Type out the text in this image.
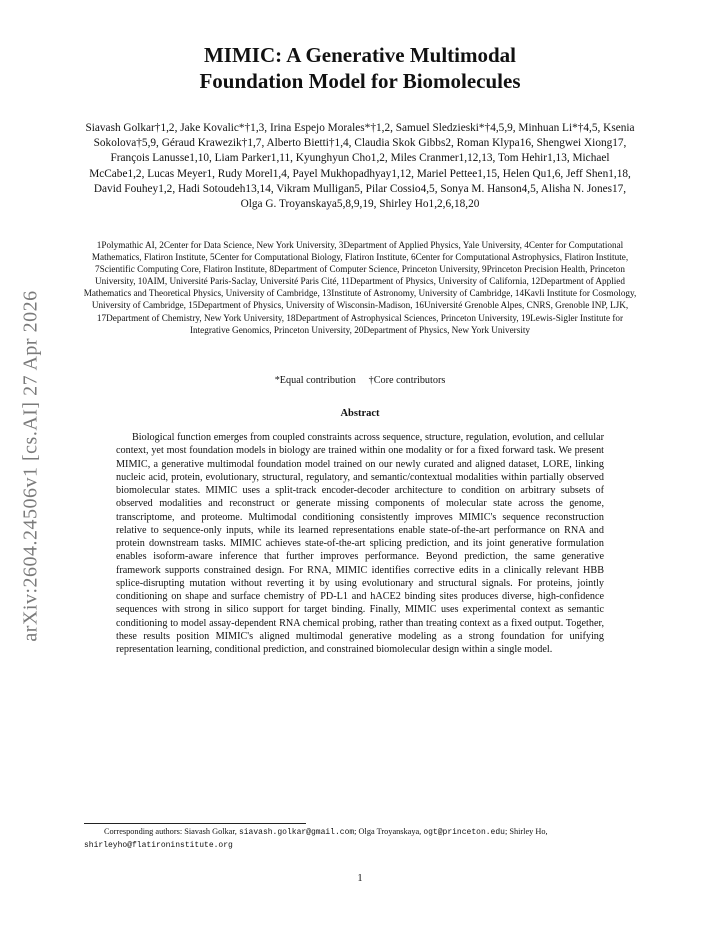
arXiv:2604.24506v1 [cs.AI] 27 Apr 2026
MIMIC: A Generative Multimodal
Foundation Model for Biomolecules
Siavash Golkar†1,2, Jake Kovalic*†1,3, Irina Espejo Morales*†1,2, Samuel Sledzieski*†4,5,9, Minhuan Li*†4,5, Ksenia Sokolova†5,9, Géraud Krawezik†1,7, Alberto Bietti†1,4, Claudia Skok Gibbs2, Roman Klypa16, Shengwei Xiong17, François Lanusse1,10, Liam Parker1,11, Kyunghyun Cho1,2, Miles Cranmer1,12,13, Tom Hehir1,13, Michael McCabe1,2, Lucas Meyer1, Rudy Morel1,4, Payel Mukhopadhyay1,12, Mariel Pettee1,15, Helen Qu1,6, Jeff Shen1,18, David Fouhey1,2, Hadi Sotoudeh13,14, Vikram Mulligan5, Pilar Cossio4,5, Sonya M. Hanson4,5, Alisha N. Jones17, Olga G. Troyanskaya5,8,9,19, Shirley Ho1,2,6,18,20
1Polymathic AI, 2Center for Data Science, New York University, 3Department of Applied Physics, Yale University, 4Center for Computational Mathematics, Flatiron Institute, 5Center for Computational Biology, Flatiron Institute, 6Center for Computational Astrophysics, Flatiron Institute, 7Scientific Computing Core, Flatiron Institute, 8Department of Computer Science, Princeton University, 9Princeton Precision Health, Princeton University, 10AIM, Université Paris-Saclay, Université Paris Cité, 11Department of Physics, University of California, 12Department of Applied Mathematics and Theoretical Physics, University of Cambridge, 13Institute of Astronomy, University of Cambridge, 14Kavli Institute for Cosmology, University of Cambridge, 15Department of Physics, University of Wisconsin-Madison, 16Université Grenoble Alpes, CNRS, Grenoble INP, LJK, 17Department of Chemistry, New York University, 18Department of Astrophysical Sciences, Princeton University, 19Lewis-Sigler Institute for Integrative Genomics, Princeton University, 20Department of Physics, New York University
*Equal contribution †Core contributors
Abstract
Biological function emerges from coupled constraints across sequence, structure, regulation, evolution, and cellular context, yet most foundation models in biology are trained within one modality or for a fixed forward task. We present MIMIC, a generative multimodal foundation model trained on our newly curated and aligned dataset, LORE, linking nucleic acid, protein, evolutionary, structural, regulatory, and semantic/contextual modalities within partially observed biomolecular states. MIMIC uses a split-track encoder-decoder architecture to condition on arbitrary subsets of observed modalities and reconstruct or generate missing components of molecular state across the genome, transcriptome, and proteome. Multimodal conditioning consistently improves MIMIC's sequence reconstruction relative to sequence-only inputs, while its learned representations enable state-of-the-art performance on RNA and protein downstream tasks. MIMIC achieves state-of-the-art splicing prediction, and its joint generative formulation enables isoform-aware inference that further improves performance. Beyond prediction, the same generative framework supports constrained design. For RNA, MIMIC identifies corrective edits in a clinically relevant HBB splice-disrupting mutation without reverting it by using evolutionary and structural signals. For proteins, jointly conditioning on shape and surface chemistry of PD-L1 and hACE2 binding sites produces diverse, high-confidence sequences with strong in silico support for target binding. Finally, MIMIC uses experimental context as semantic conditioning to model assay-dependent RNA chemical probing, rather than treating context as a fixed output. Together, these results position MIMIC's aligned multimodal generative modeling as a strong foundation for unifying representation learning, conditional prediction, and constrained biomolecular design within a single model.
Corresponding authors: Siavash Golkar, siavash.golkar@gmail.com; Olga Troyanskaya, ogt@princeton.edu; Shirley Ho, shirleyho@flatironinstitute.org
1
